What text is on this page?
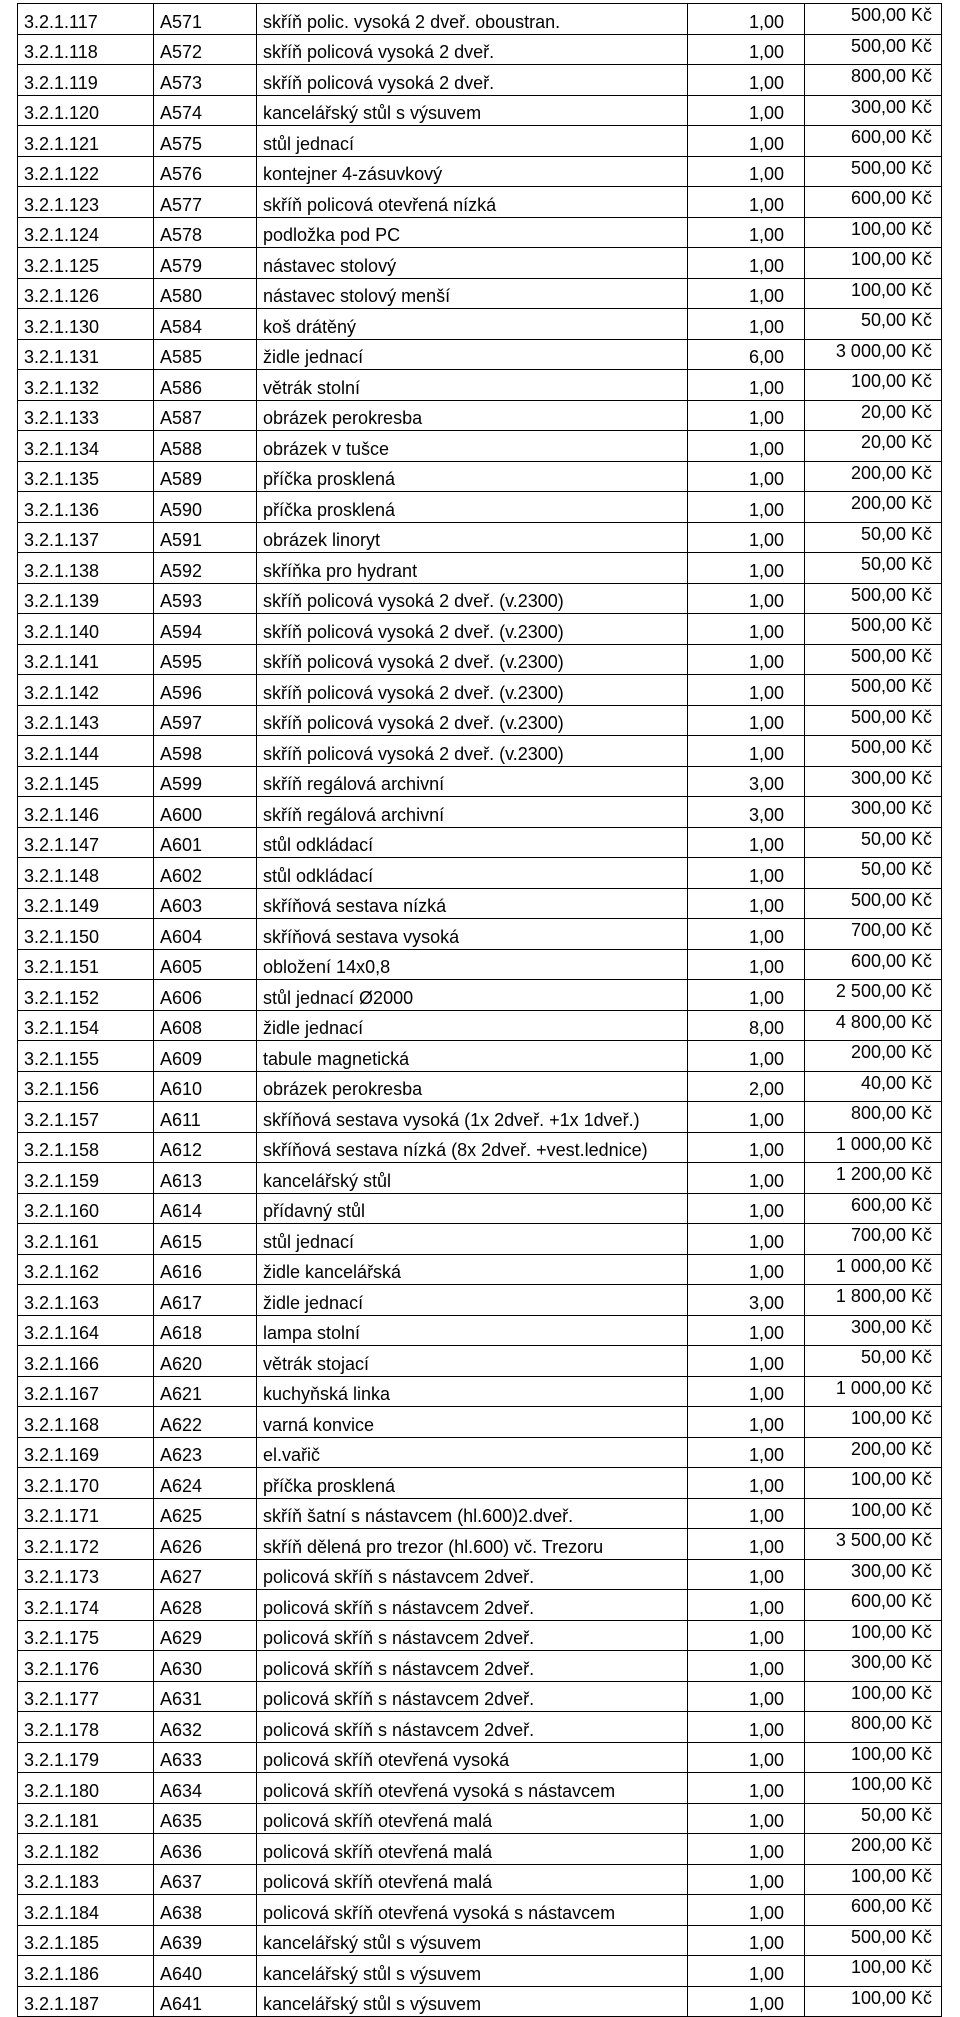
3.2.1.117	A571	skříň polic. vysoká 2 dveř. oboustran.	1,00	500,00 Kč
3.2.1.118	A572	skříň policová vysoká 2 dveř.	1,00	500,00 Kč
3.2.1.119	A573	skříň policová vysoká 2 dveř.	1,00	800,00 Kč
3.2.1.120	A574	kancelářský stůl s výsuvem	1,00	300,00 Kč
3.2.1.121	A575	stůl jednací	1,00	600,00 Kč
3.2.1.122	A576	kontejner 4-zásuvkový	1,00	500,00 Kč
3.2.1.123	A577	skříň policová otevřená nízká	1,00	600,00 Kč
3.2.1.124	A578	podložka pod PC	1,00	100,00 Kč
3.2.1.125	A579	nástavec stolový	1,00	100,00 Kč
3.2.1.126	A580	nástavec stolový menší	1,00	100,00 Kč
3.2.1.130	A584	koš drátěný	1,00	50,00 Kč
3.2.1.131	A585	židle jednací	6,00	3 000,00 Kč
3.2.1.132	A586	větrák stolní	1,00	100,00 Kč
3.2.1.133	A587	obrázek perokresba	1,00	20,00 Kč
3.2.1.134	A588	obrázek v tušce	1,00	20,00 Kč
3.2.1.135	A589	příčka prosklená	1,00	200,00 Kč
3.2.1.136	A590	příčka prosklená	1,00	200,00 Kč
3.2.1.137	A591	obrázek linoryt	1,00	50,00 Kč
3.2.1.138	A592	skříňka pro hydrant	1,00	50,00 Kč
3.2.1.139	A593	skříň policová vysoká 2 dveř. (v.2300)	1,00	500,00 Kč
3.2.1.140	A594	skříň policová vysoká 2 dveř. (v.2300)	1,00	500,00 Kč
3.2.1.141	A595	skříň policová vysoká 2 dveř. (v.2300)	1,00	500,00 Kč
3.2.1.142	A596	skříň policová vysoká 2 dveř. (v.2300)	1,00	500,00 Kč
3.2.1.143	A597	skříň policová vysoká 2 dveř. (v.2300)	1,00	500,00 Kč
3.2.1.144	A598	skříň policová vysoká 2 dveř. (v.2300)	1,00	500,00 Kč
3.2.1.145	A599	skříň regálová archivní	3,00	300,00 Kč
3.2.1.146	A600	skříň regálová archivní	3,00	300,00 Kč
3.2.1.147	A601	stůl odkládací	1,00	50,00 Kč
3.2.1.148	A602	stůl odkládací	1,00	50,00 Kč
3.2.1.149	A603	skříňová sestava nízká	1,00	500,00 Kč
3.2.1.150	A604	skříňová sestava vysoká	1,00	700,00 Kč
3.2.1.151	A605	obložení 14x0,8	1,00	600,00 Kč
3.2.1.152	A606	stůl jednací Ø2000	1,00	2 500,00 Kč
3.2.1.154	A608	židle jednací	8,00	4 800,00 Kč
3.2.1.155	A609	tabule magnetická	1,00	200,00 Kč
3.2.1.156	A610	obrázek perokresba	2,00	40,00 Kč
3.2.1.157	A611	skříňová sestava vysoká (1x 2dveř. +1x 1dveř.)	1,00	800,00 Kč
3.2.1.158	A612	skříňová sestava nízká (8x 2dveř. +vest.lednice)	1,00	1 000,00 Kč
3.2.1.159	A613	kancelářský stůl	1,00	1 200,00 Kč
3.2.1.160	A614	přídavný stůl	1,00	600,00 Kč
3.2.1.161	A615	stůl jednací	1,00	700,00 Kč
3.2.1.162	A616	židle kancelářská	1,00	1 000,00 Kč
3.2.1.163	A617	židle jednací	3,00	1 800,00 Kč
3.2.1.164	A618	lampa stolní	1,00	300,00 Kč
3.2.1.166	A620	větrák stojací	1,00	50,00 Kč
3.2.1.167	A621	kuchyňská linka	1,00	1 000,00 Kč
3.2.1.168	A622	varná konvice	1,00	100,00 Kč
3.2.1.169	A623	el.vařič	1,00	200,00 Kč
3.2.1.170	A624	příčka prosklená	1,00	100,00 Kč
3.2.1.171	A625	skříň šatní s nástavcem (hl.600)2.dveř.	1,00	100,00 Kč
3.2.1.172	A626	skříň dělená pro trezor (hl.600) vč. Trezoru	1,00	3 500,00 Kč
3.2.1.173	A627	policová skříň s nástavcem 2dveř.	1,00	300,00 Kč
3.2.1.174	A628	policová skříň s nástavcem 2dveř.	1,00	600,00 Kč
3.2.1.175	A629	policová skříň s nástavcem 2dveř.	1,00	100,00 Kč
3.2.1.176	A630	policová skříň s nástavcem 2dveř.	1,00	300,00 Kč
3.2.1.177	A631	policová skříň s nástavcem 2dveř.	1,00	100,00 Kč
3.2.1.178	A632	policová skříň s nástavcem 2dveř.	1,00	800,00 Kč
3.2.1.179	A633	policová skříň otevřená vysoká	1,00	100,00 Kč
3.2.1.180	A634	policová skříň otevřená vysoká s nástavcem	1,00	100,00 Kč
3.2.1.181	A635	policová skříň otevřená malá	1,00	50,00 Kč
3.2.1.182	A636	policová skříň otevřená malá	1,00	200,00 Kč
3.2.1.183	A637	policová skříň otevřená malá	1,00	100,00 Kč
3.2.1.184	A638	policová skříň otevřená vysoká s nástavcem	1,00	600,00 Kč
3.2.1.185	A639	kancelářský stůl s výsuvem	1,00	500,00 Kč
3.2.1.186	A640	kancelářský stůl s výsuvem	1,00	100,00 Kč
3.2.1.187	A641	kancelářský stůl s výsuvem	1,00	100,00 Kč
